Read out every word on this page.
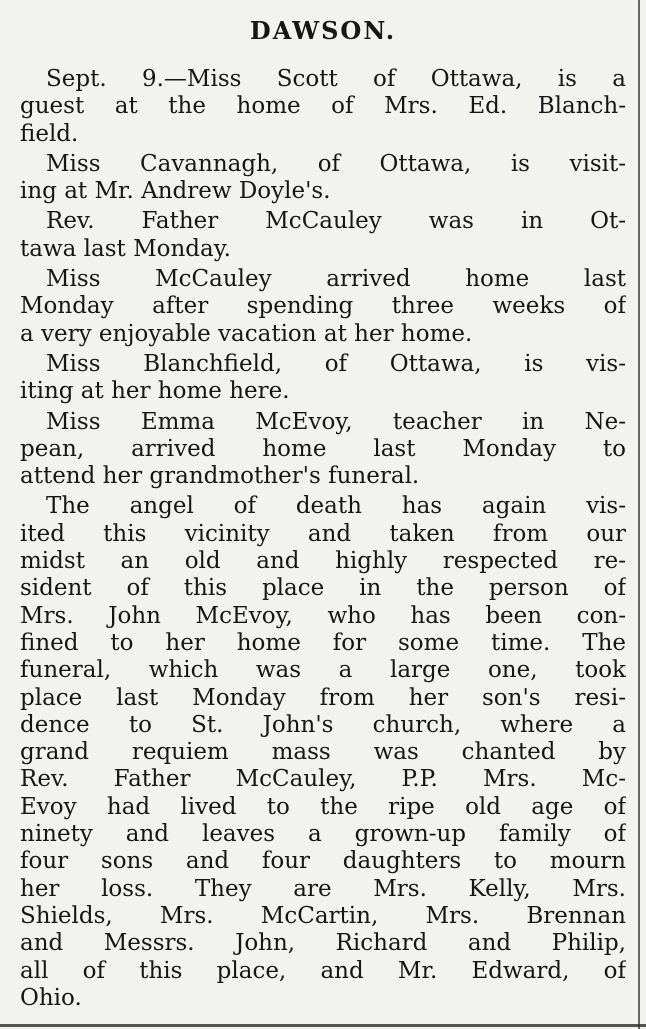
DAWSON.
Sept. 9.—Miss Scott of Ottawa, is a
guest at the home of Mrs. Ed. Blanch-
field.
Miss Cavannagh, of Ottawa, is visit-
ing at Mr. Andrew Doyle's.
Rev. Father McCauley was in Ot-
tawa last Monday.
Miss McCauley arrived home last
Monday after spending three weeks of
a very enjoyable vacation at her home.
Miss Blanchfield, of Ottawa, is vis-
iting at her home here.
Miss Emma McEvoy, teacher in Ne-
pean, arrived home last Monday to
attend her grandmother's funeral.
The angel of death has again vis-
ited this vicinity and taken from our
midst an old and highly respected re-
sident of this place in the person of
Mrs. John McEvoy, who has been con-
fined to her home for some time. The
funeral, which was a large one, took
place last Monday from her son's resi-
dence to St. John's church, where a
grand requiem mass was chanted by
Rev. Father McCauley, P.P. Mrs. Mc-
Evoy had lived to the ripe old age of
ninety and leaves a grown-up family of
four sons and four daughters to mourn
her loss. They are Mrs. Kelly, Mrs.
Shields, Mrs. McCartin, Mrs. Brennan
and Messrs. John, Richard and Philip,
all of this place, and Mr. Edward, of
Ohio.
